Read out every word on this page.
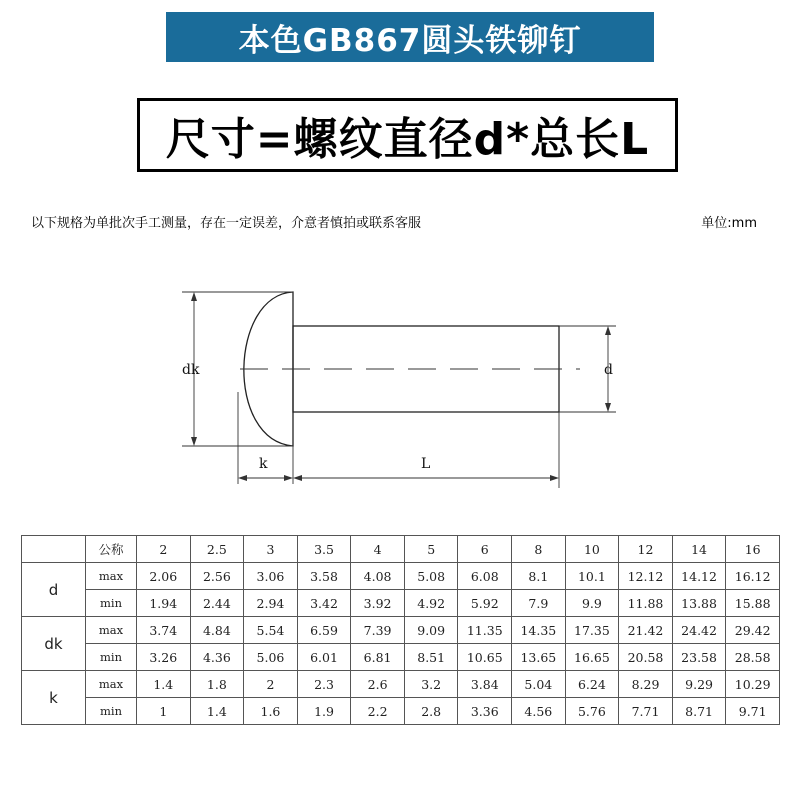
本色GB867圆头铁铆钉
尺寸=螺纹直径d*总长L
以下规格为单批次手工测量，存在一定误差，介意者慎拍或联系客服	单位:mm
dk	d
k	L
	公称	2	2.5	3	3.5	4	5	6	8	10	12	14	16
d	max	2.06	2.56	3.06	3.58	4.08	5.08	6.08	8.1	10.1	12.12	14.12	16.12
	min	1.94	2.44	2.94	3.42	3.92	4.92	5.92	7.9	9.9	11.88	13.88	15.88
dk	max	3.74	4.84	5.54	6.59	7.39	9.09	11.35	14.35	17.35	21.42	24.42	29.42
	min	3.26	4.36	5.06	6.01	6.81	8.51	10.65	13.65	16.65	20.58	23.58	28.58
k	max	1.4	1.8	2	2.3	2.6	3.2	3.84	5.04	6.24	8.29	9.29	10.29
	min	1	1.4	1.6	1.9	2.2	2.8	3.36	4.56	5.76	7.71	8.71	9.71
